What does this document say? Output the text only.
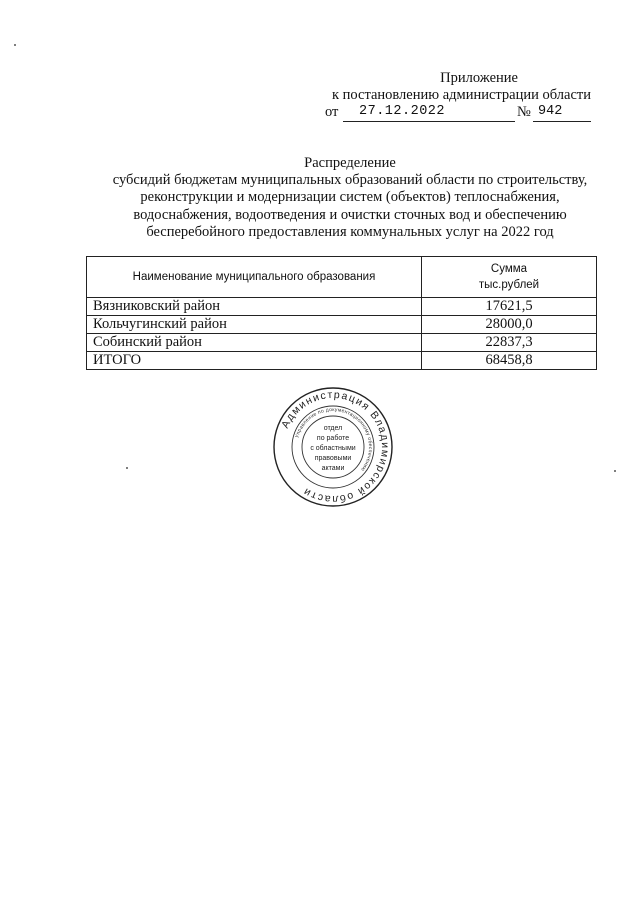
Приложение
к постановлению администрации области
от 27.12.2022	№ 942
Распределение
субсидий бюджетам муниципальных образований области по строительству,
реконструкции и модернизации систем (объектов) теплоснабжения,
водоснабжения, водоотведения и очистки сточных вод и обеспечению
бесперебойного предоставления коммунальных услуг на 2022 год
Наименование муниципального образования	Сумма
тыс.рублей

Вязниковский район	17621,5
Кольчугинский район	28000,0
Собинский район	22837,3
ИТОГО	68458,8
Администрация Владимирской области
Управление по документационному обеспечению
отдел
по работе
с областными
правовыми
актами
